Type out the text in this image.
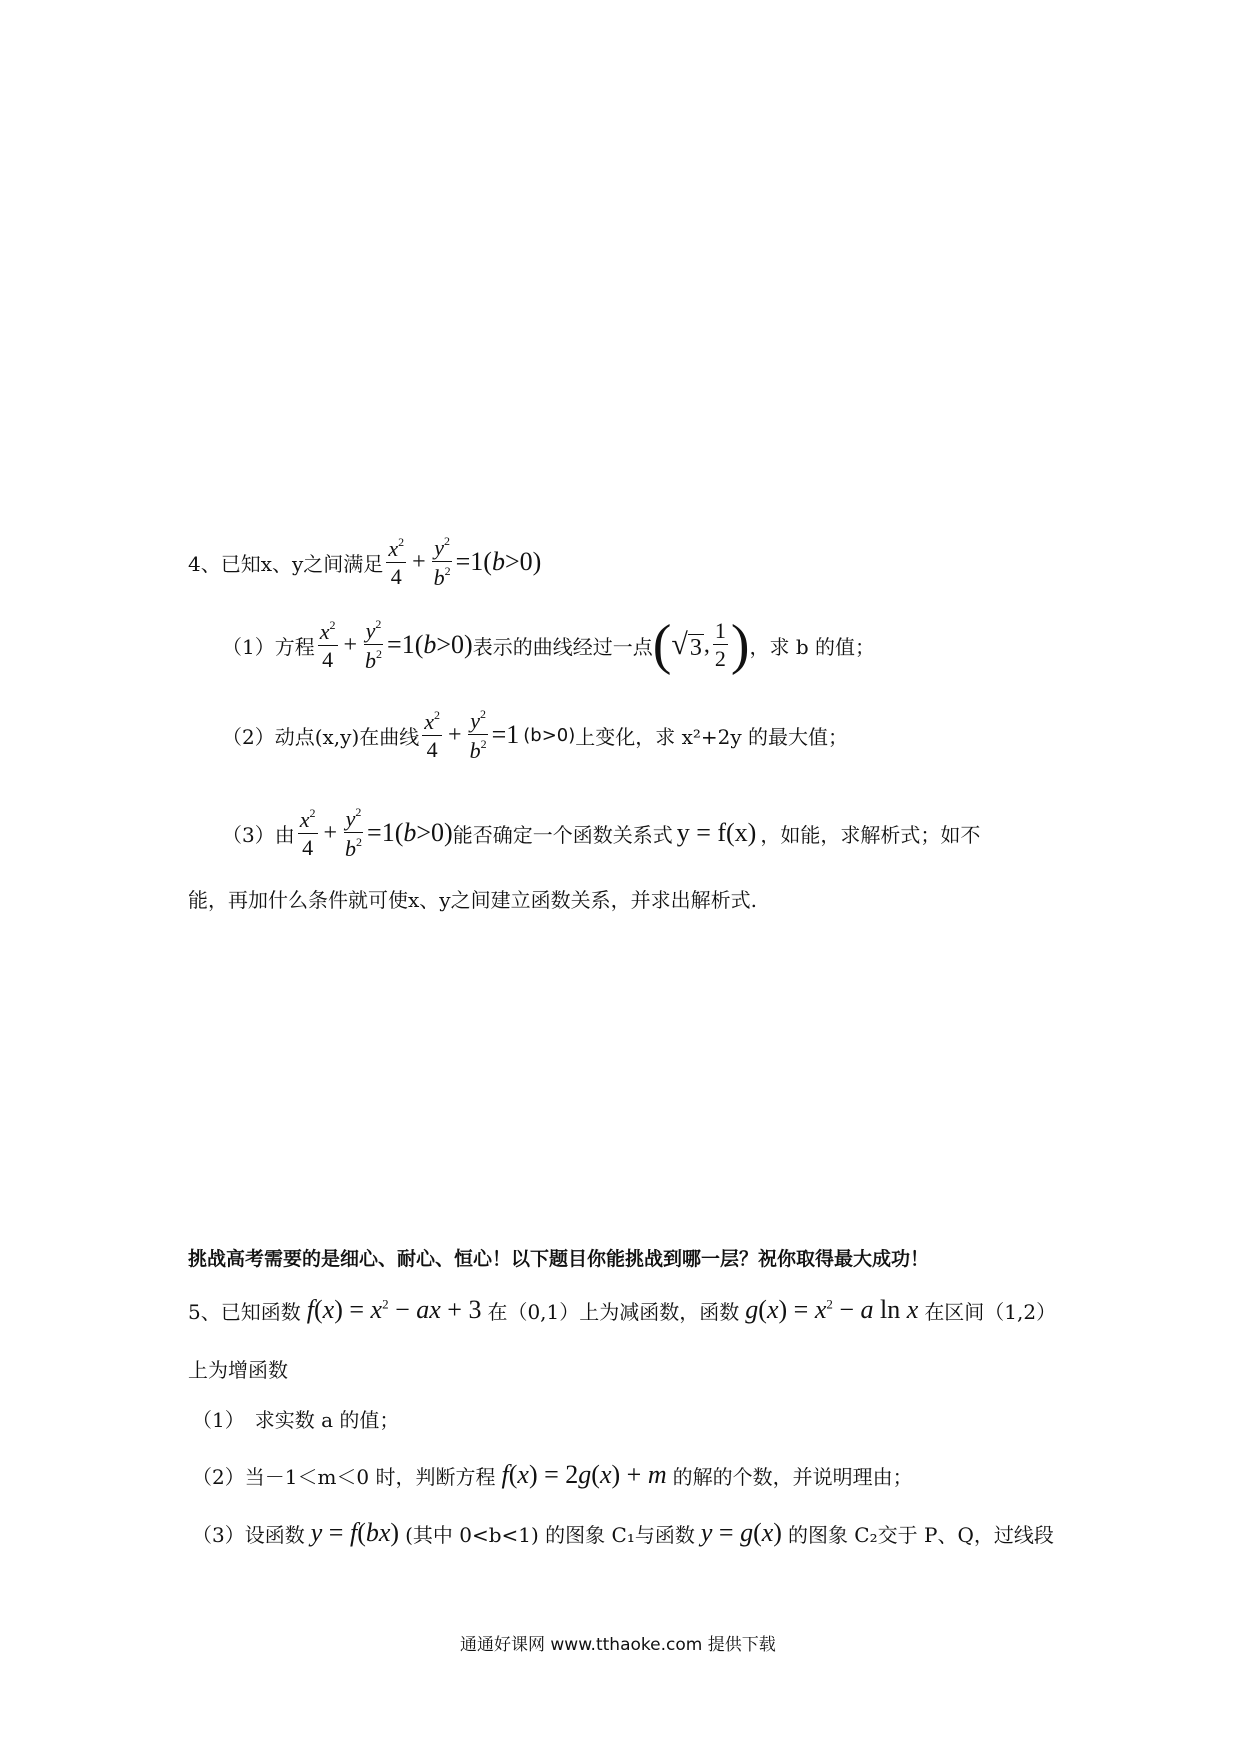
4、已知x、y之间满足 $\frac{x^2}{4} + \frac{y^2}{b^2} =1(b>0)$
（1）方程 $\frac{x^2}{4} + \frac{y^2}{b^2} =1(b>0)$ 表示的曲线经过一点 ( √ 3 , $\frac{1}{2}$ ) ，求 b 的值；
（2）动点(x,y)在曲线 $\frac{x^2}{4} + \frac{y^2}{b^2} =1$ (b>0) 上变化，求 x²+2y 的最大值；
（3）由 $\frac{x^2}{4} + \frac{y^2}{b^2} =1(b>0)$ 能否确定一个函数关系式 y = f(x) ，如能，求解析式；如不
能，再加什么条件就可使x、y之间建立函数关系，并求出解析式.
挑战高考需要的是细心、耐心、恒心！以下题目你能挑战到哪一层？祝你取得最大成功！
5、已知函数 $f(x) = x^2$ − ax + 3 在（0,1）上为减函数，函数 $g(x) = x^2 - a$ ln x 在区间（1,2）
上为增函数
（1）　求实数 a 的值；
（2）当－1＜m＜0 时，判断方程 f(x) = 2g(x) + m 的解的个数，并说明理由；
（3）设函数 y = f(bx) (其中 0<b<1) 的图象 C₁与函数 y = g(x) 的图象 C₂交于 P、Q，过线段
通通好课网 www.tthaoke.com 提供下载
